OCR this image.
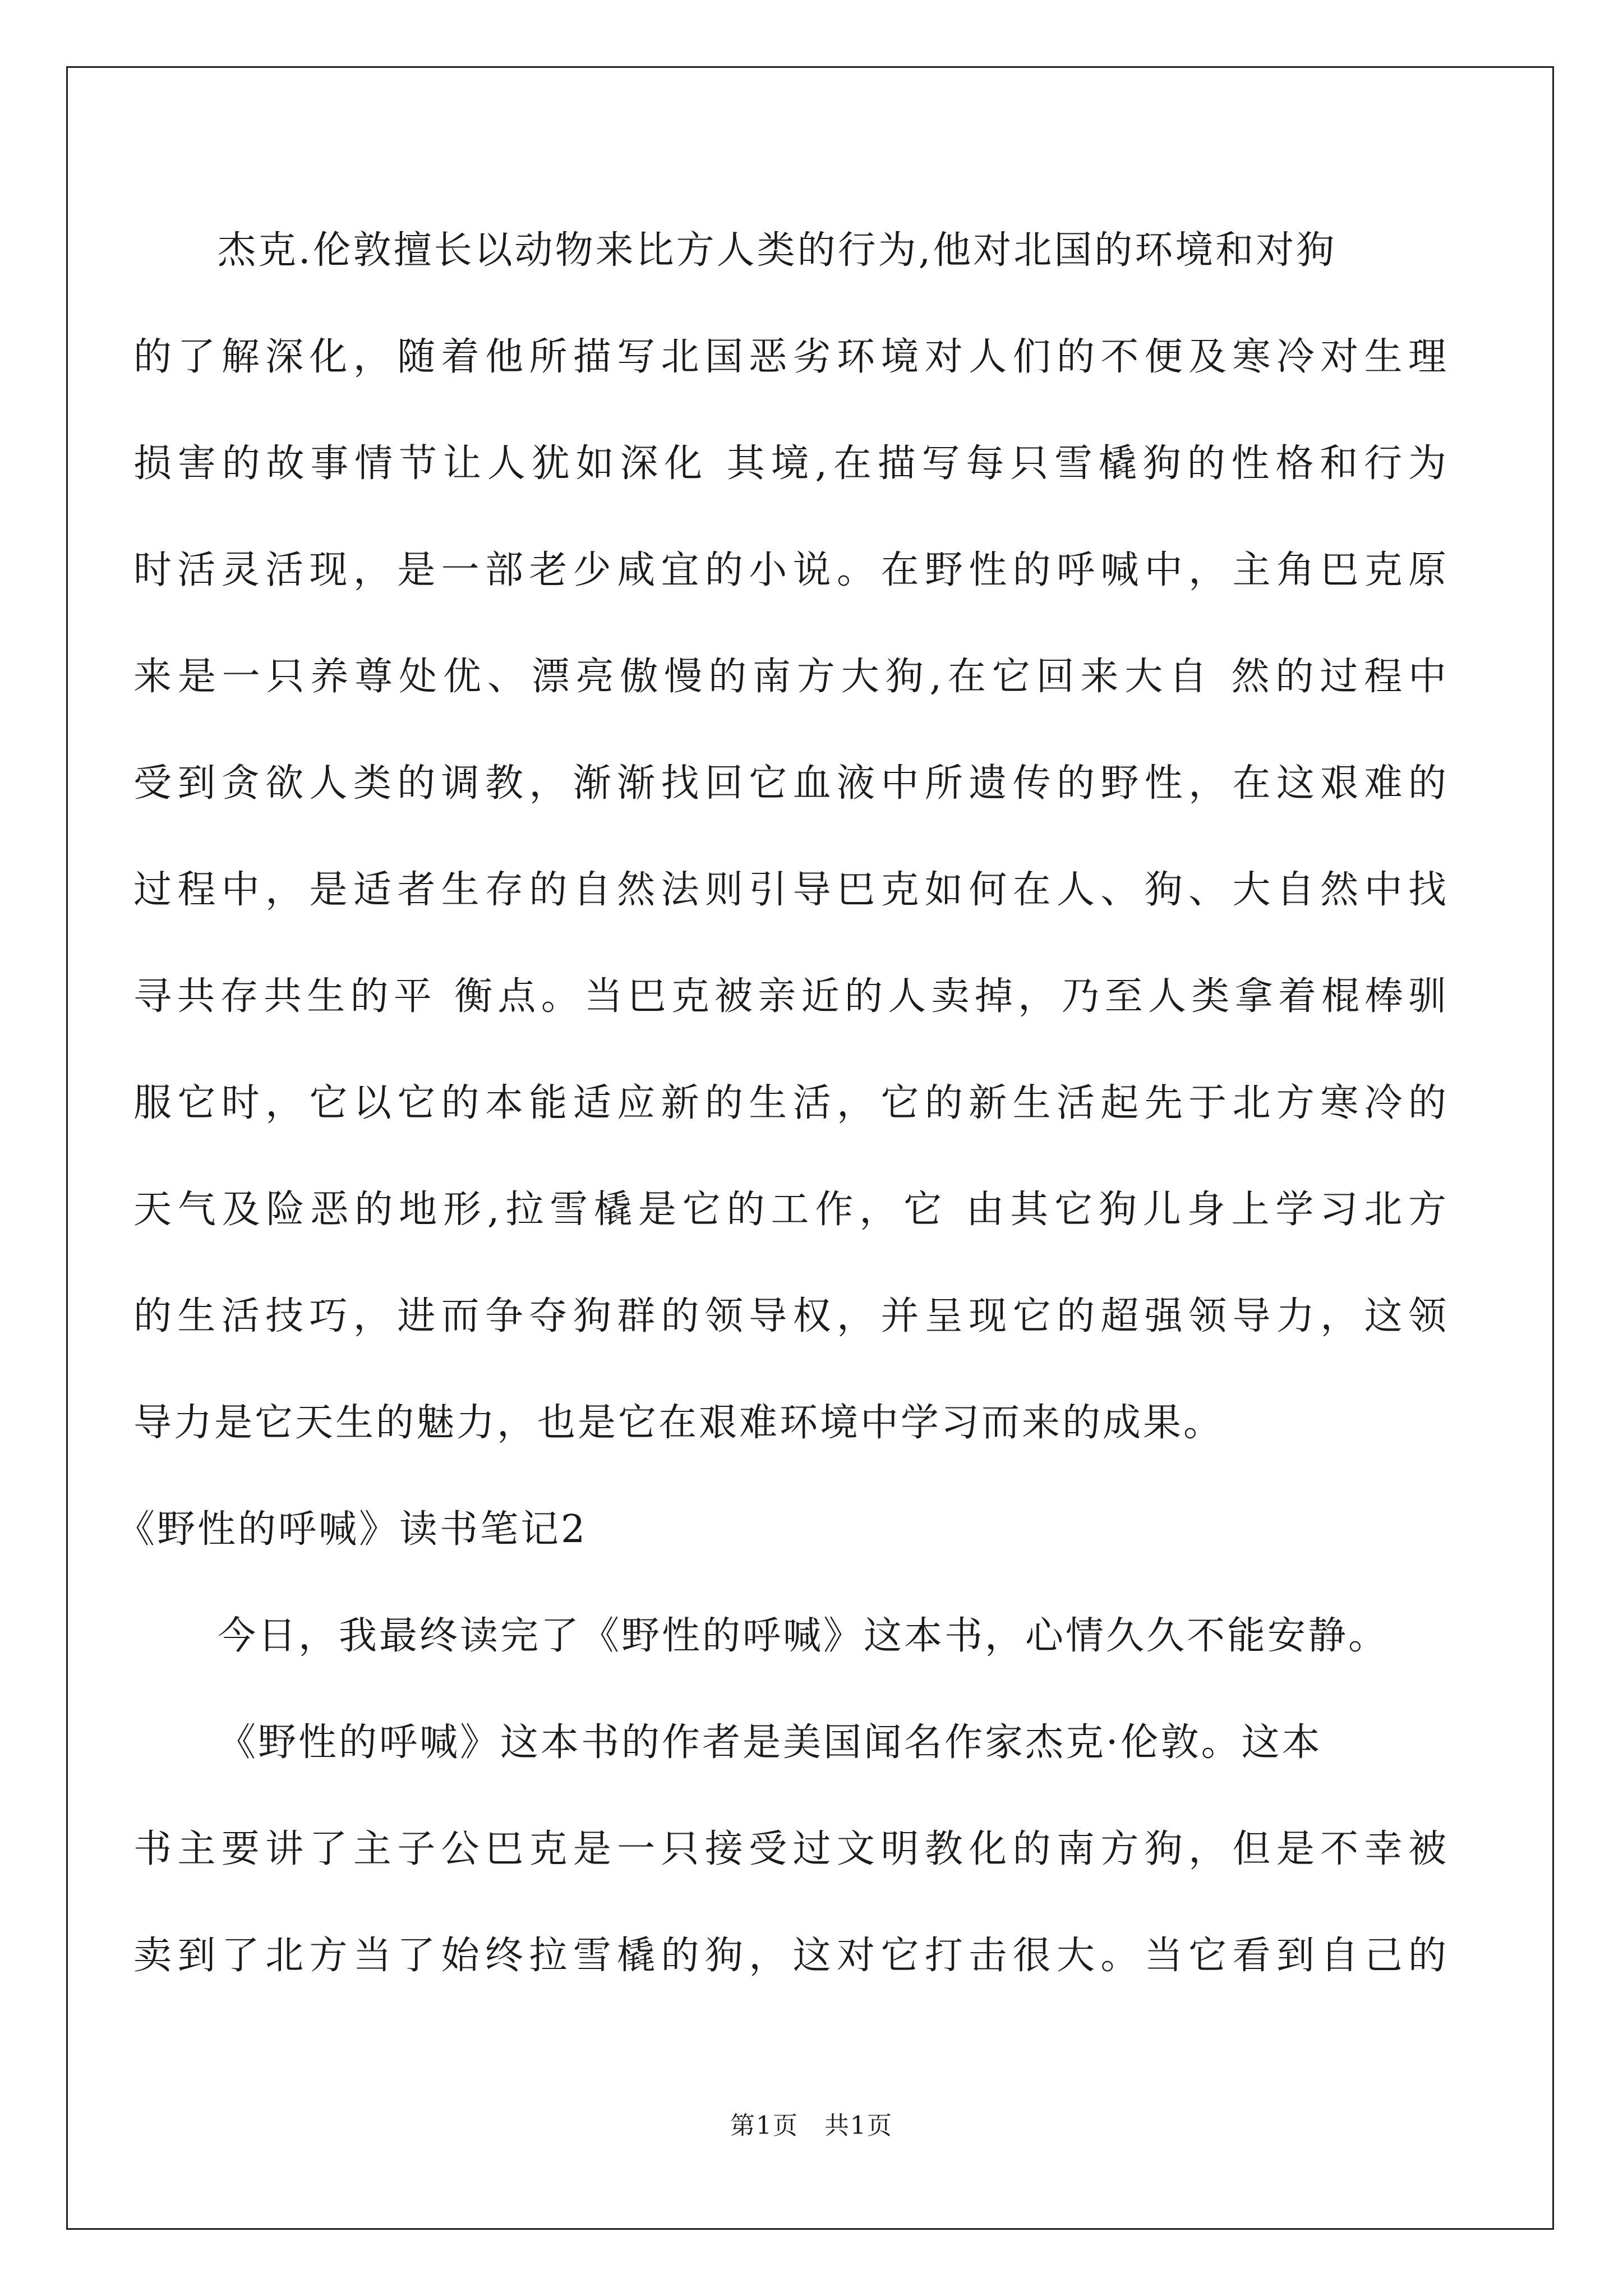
杰克.伦敦擅长以动物来比方人类的行为,他对北国的环境和对狗
的了解深化，随着他所描写北国恶劣环境对人们的不便及寒冷对生理
损害的故事情节让人犹如深化 其境,在描写每只雪橇狗的性格和行为
时活灵活现，是一部老少咸宜的小说。在野性的呼喊中，主角巴克原
来是一只养尊处优、漂亮傲慢的南方大狗,在它回来大自 然的过程中
受到贪欲人类的调教，渐渐找回它血液中所遗传的野性，在这艰难的
过程中，是适者生存的自然法则引导巴克如何在人、狗、大自然中找
寻共存共生的平 衡点。当巴克被亲近的人卖掉，乃至人类拿着棍棒驯
服它时，它以它的本能适应新的生活，它的新生活起先于北方寒冷的
天气及险恶的地形,拉雪橇是它的工作，它 由其它狗儿身上学习北方
的生活技巧，进而争夺狗群的领导权，并呈现它的超强领导力，这领
导力是它天生的魅力，也是它在艰难环境中学习而来的成果。
《野性的呼喊》读书笔记2
今日，我最终读完了《野性的呼喊》这本书，心情久久不能安静。
《野性的呼喊》这本书的作者是美国闻名作家杰克·伦敦。这本
书主要讲了主子公巴克是一只接受过文明教化的南方狗，但是不幸被
卖到了北方当了始终拉雪橇的狗，这对它打击很大。当它看到自己的
第1页　共1页
